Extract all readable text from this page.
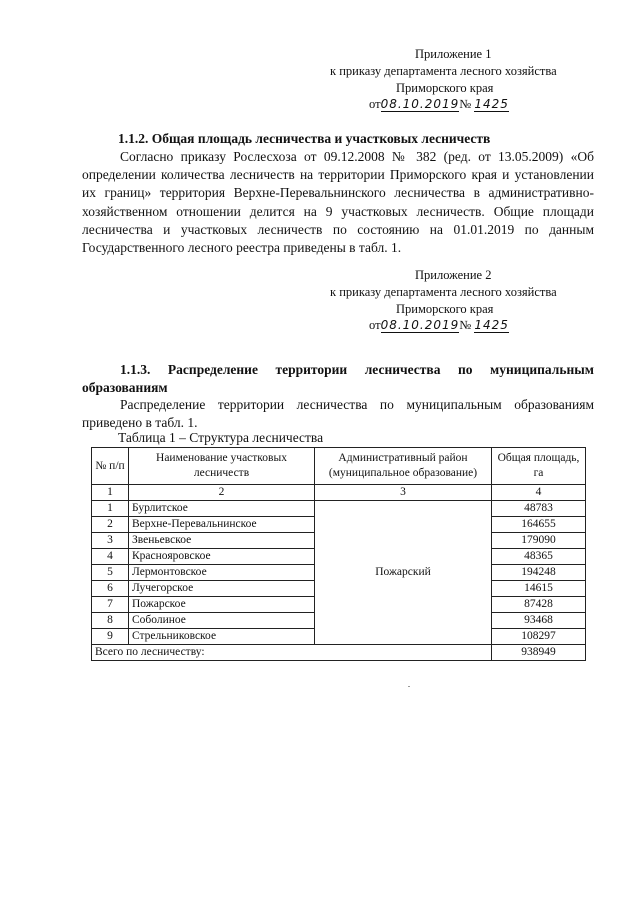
Приложение 1
к приказу департамента лесного хозяйства
Приморского края
от08.10.2019№ 1425
1.1.2. Общая площадь лесничества и участковых лесничеств
Согласно приказу Рослесхоза от 09.12.2008 № 382 (ред. от 13.05.2009) «Об определении количества лесничеств на территории Приморского края и установлении их границ» территория Верхне-Перевальнинского лесничества в административно-хозяйственном отношении делится на 9 участковых лесничеств. Общие площади лесничества и участковых лесничеств по состоянию на 01.01.2019 по данным Государственного лесного реестра приведены в табл. 1.
Приложение 2
к приказу департамента лесного хозяйства
Приморского края
от08.10.2019№ 1425
1.1.3. Распределение территории лесничества по муниципальным образованиям
Распределение территории лесничества по муниципальным образованиям приведено в табл. 1.
Таблица 1 – Структура лесничества
№ п/п	Наименование участковых лесничеств	Административный район (муниципальное образование)	Общая площадь, га
1	2	3	4
1	Бурлитское	Пожарский	48783
2	Верхне-Перевальнинское		164655
3	Звеньевское		179090
4	Краснояровское		48365
5	Лермонтовское		194248
6	Лучегорское		14615
7	Пожарское		87428
8	Соболиное		93468
9	Стрельниковское		108297
Всего по лесничеству:			938949
